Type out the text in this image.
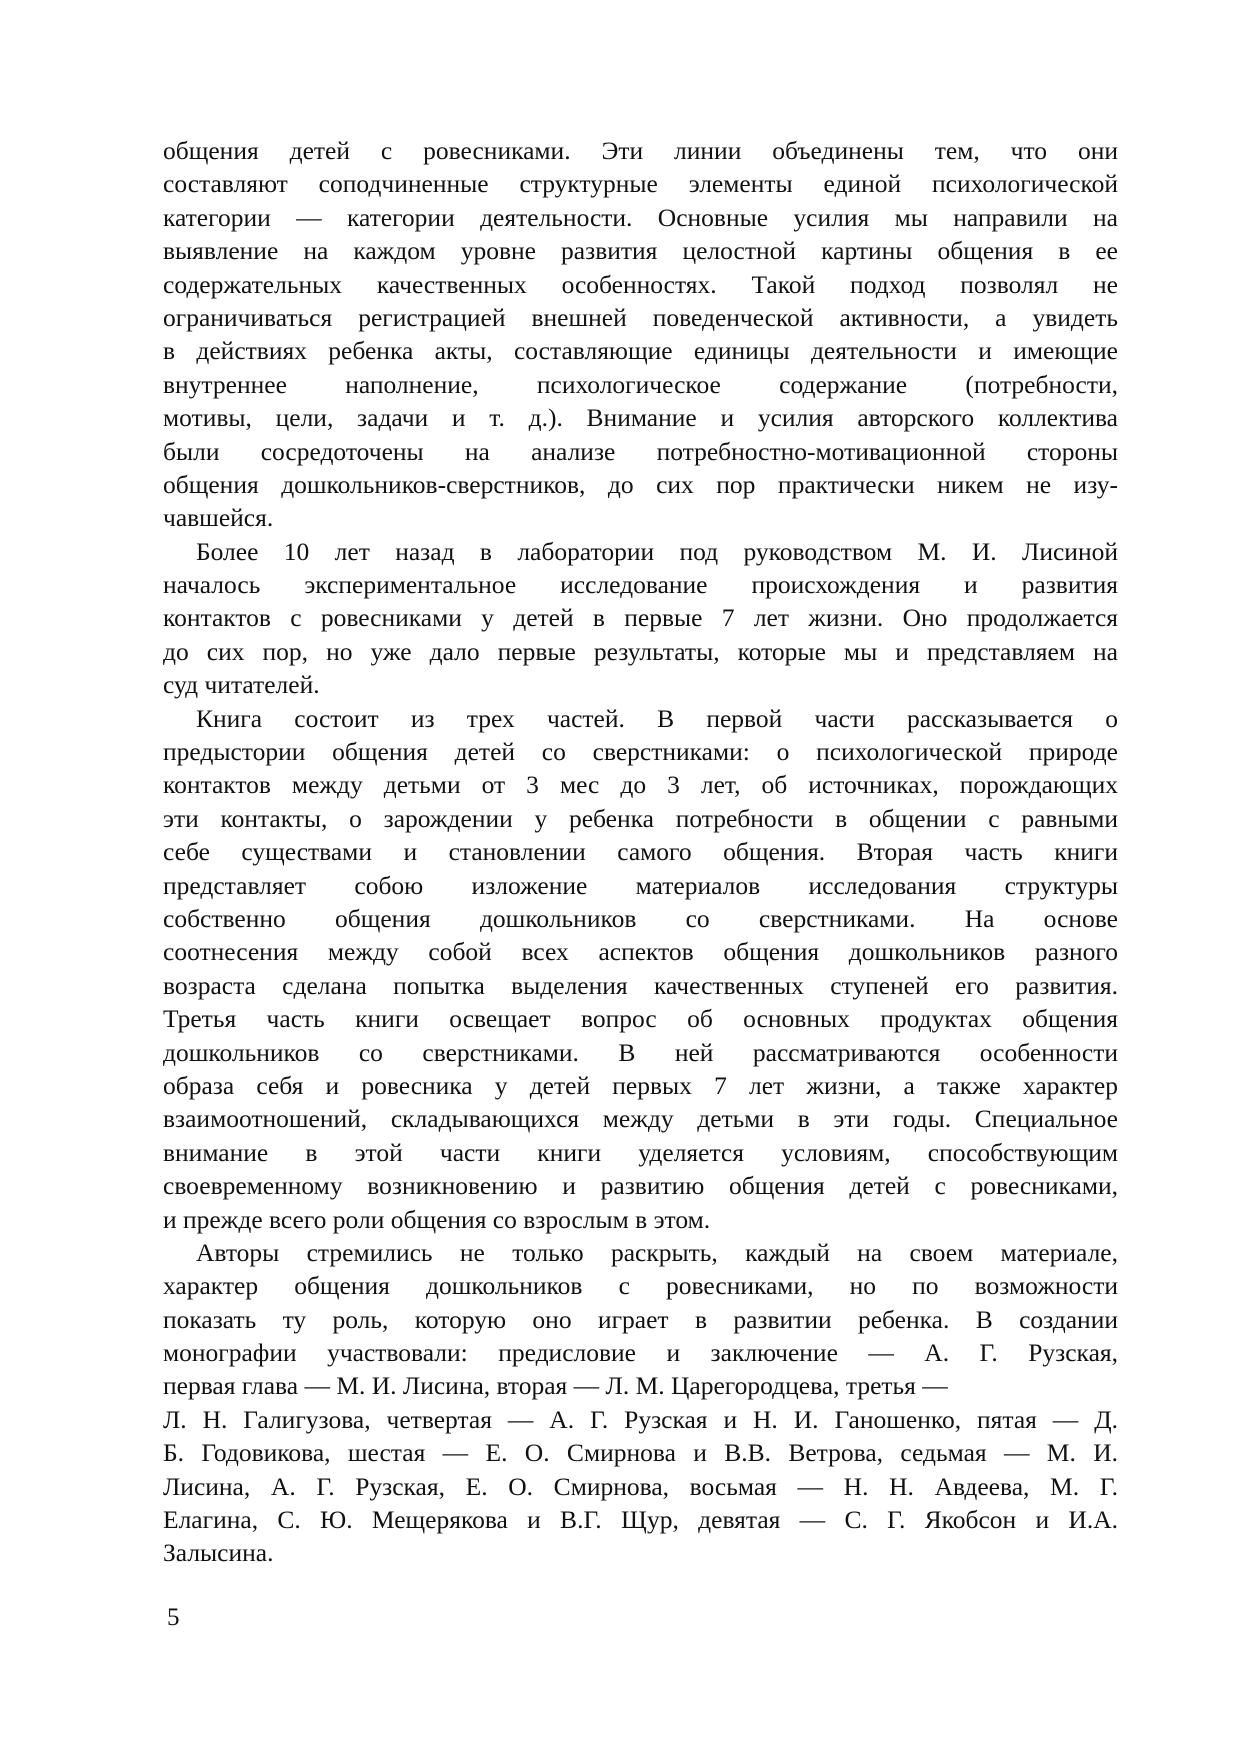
общения детей с ровесниками. Эти линии объединены тем, что они
составляют соподчиненные структурные элементы единой психологической
категории — категории деятельности. Основные усилия мы направили на
выявление на каждом уровне развития целостной картины общения в ее
содержательных качественных особенностях. Такой подход позволял не
ограничиваться регистрацией внешней поведенческой активности, а увидеть
в действиях ребенка акты, составляющие единицы деятельности и имеющие
внутреннее наполнение, психологическое содержание (потребности,
мотивы, цели, задачи и т. д.). Внимание и усилия авторского коллектива
были сосредоточены на анализе потребностно-мотивационной стороны
общения дошкольников-сверстников, до сих пор практически никем не изу-
чавшейся.
Более 10 лет назад в лаборатории под руководством М. И. Лисиной
началось экспериментальное исследование происхождения и развития
контактов с ровесниками у детей в первые 7 лет жизни. Оно продолжается
до сих пор, но уже дало первые результаты, которые мы и представляем на
суд читателей.
Книга состоит из трех частей. В первой части рассказывается о
предыстории общения детей со сверстниками: о психологической природе
контактов между детьми от 3 мес до 3 лет, об источниках, порождающих
эти контакты, о зарождении у ребенка потребности в общении с равными
себе существами и становлении самого общения. Вторая часть книги
представляет собою изложение материалов исследования структуры
собственно общения дошкольников со сверстниками. На основе
соотнесения между собой всех аспектов общения дошкольников разного
возраста сделана попытка выделения качественных ступеней его развития.
Третья часть книги освещает вопрос об основных продуктах общения
дошкольников со сверстниками. В ней рассматриваются особенности
образа себя и ровесника у детей первых 7 лет жизни, а также характер
взаимоотношений, складывающихся между детьми в эти годы. Специальное
внимание в этой части книги уделяется условиям, способствующим
своевременному возникновению и развитию общения детей с ровесниками,
и прежде всего роли общения со взрослым в этом.
Авторы стремились не только раскрыть, каждый на своем материале,
характер общения дошкольников с ровесниками, но по возможности
показать ту роль, которую оно играет в развитии ребенка. В создании
монографии участвовали: предисловие и заключение — А. Г. Рузская,
первая глава — М. И. Лисина, вторая — Л. М. Царегородцева, третья —
Л. Н. Галигузова, четвертая — А. Г. Рузская и Н. И. Ганошенко, пятая — Д.
Б. Годовикова, шестая — Е. О. Смирнова и В.В. Ветрова, седьмая — М. И.
Лисина, А. Г. Рузская, Е. О. Смирнова, восьмая — Н. Н. Авдеева, М. Г.
Елагина, С. Ю. Мещерякова и В.Г. Щур, девятая — С. Г. Якобсон и И.А.
Залысина.
5
